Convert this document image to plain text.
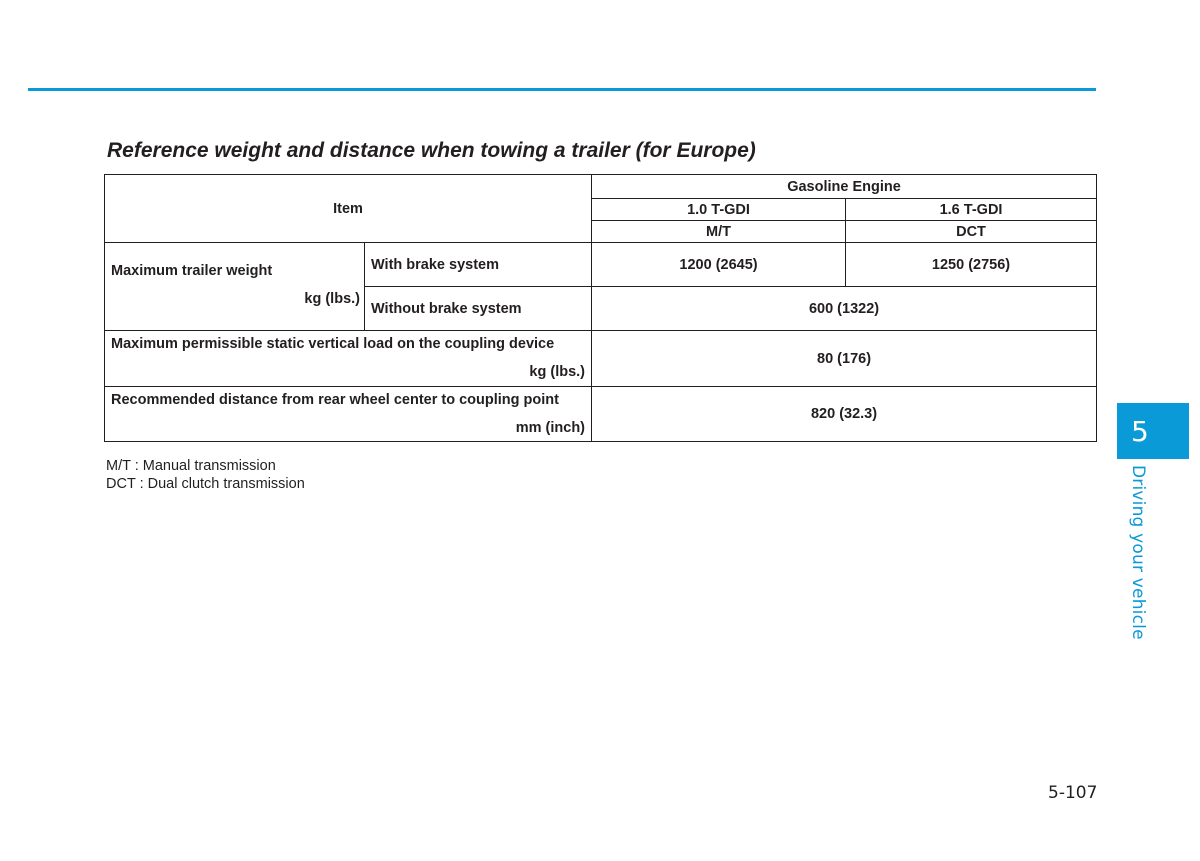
Reference weight and distance when towing a trailer (for Europe)
Item		Gasoline Engine	
		1.0 T-GDI	1.6 T-GDI
		M/T	DCT

Maximum trailer weight
kg (lbs.)	With brake system	1200 (2645)	1250 (2756)
	Without brake system	600 (1322)	

Maximum permissible static vertical load on the coupling device
kg (lbs.)		80 (176)	

Recommended distance from rear wheel center to coupling point
mm (inch)		820 (32.3)	
M/T : Manual transmission
DCT : Dual clutch transmission
5
Driving your vehicle
5-107
